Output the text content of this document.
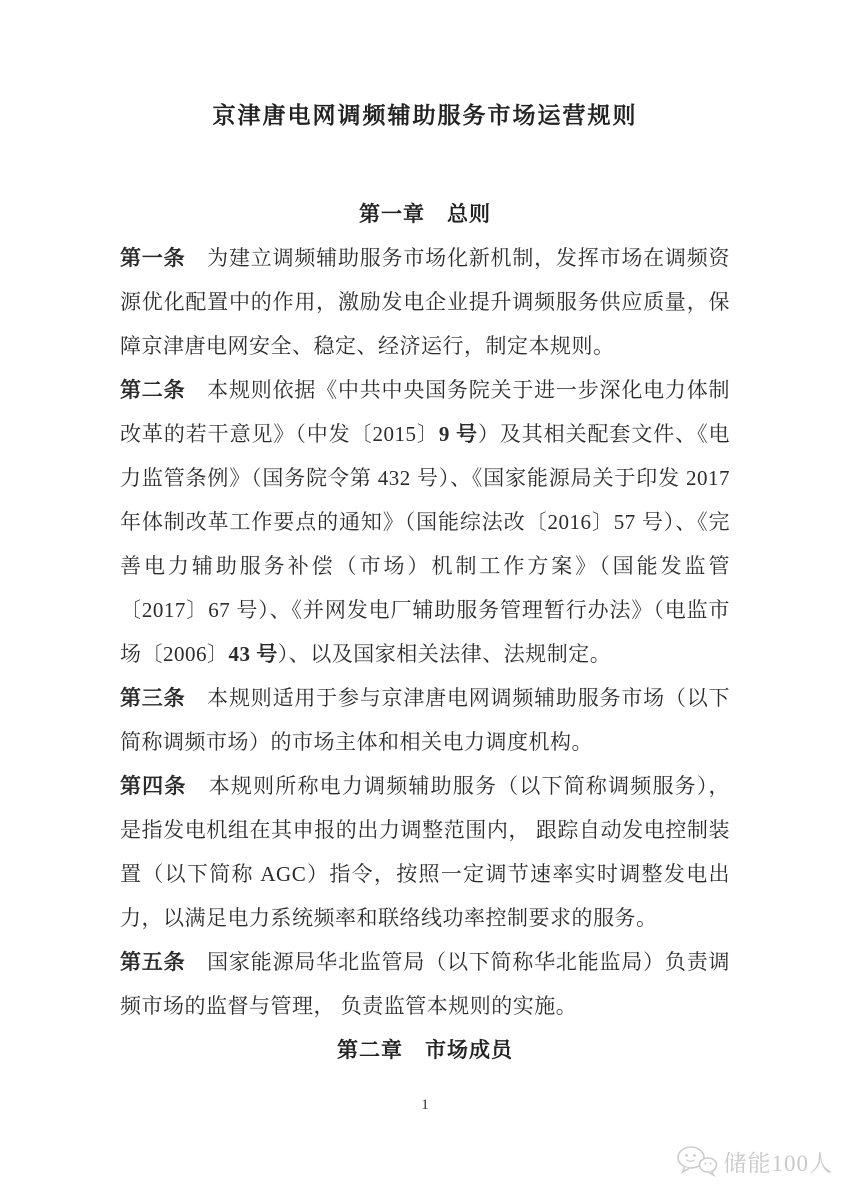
京津唐电网调频辅助服务市场运营规则
第一章　总则

第一条　为建立调频辅助服务市场化新机制，发挥市场在调频资源优化配置中的作用，激励发电企业提升调频服务供应质量，保障京津唐电网安全、稳定、经济运行，制定本规则。

第二条　本规则依据《中共中央国务院关于进一步深化电力体制改革的若干意见》（中发〔2015〕9 号）及其相关配套文件、《电力监管条例》（国务院令第 432 号）、《国家能源局关于印发 2017 年体制改革工作要点的通知》（国能综法改〔2016〕57 号）、《完善电力辅助服务补偿（市场）机制工作方案》（国能发监管〔2017〕67 号）、《并网发电厂辅助服务管理暂行办法》（电监市场〔2006〕43 号）、以及国家相关法律、法规制定。

第三条　本规则适用于参与京津唐电网调频辅助服务市场（以下简称调频市场）的市场主体和相关电力调度机构。

第四条　本规则所称电力调频辅助服务（以下简称调频服务），是指发电机组在其申报的出力调整范围内， 跟踪自动发电控制装置（以下简称 AGC）指令，按照一定调节速率实时调整发电出力，以满足电力系统频率和联络线功率控制要求的服务。

第五条　国家能源局华北监管局（以下简称华北能监局）负责调频市场的监督与管理， 负责监管本规则的实施。

第二章　市场成员
1
储能100人
